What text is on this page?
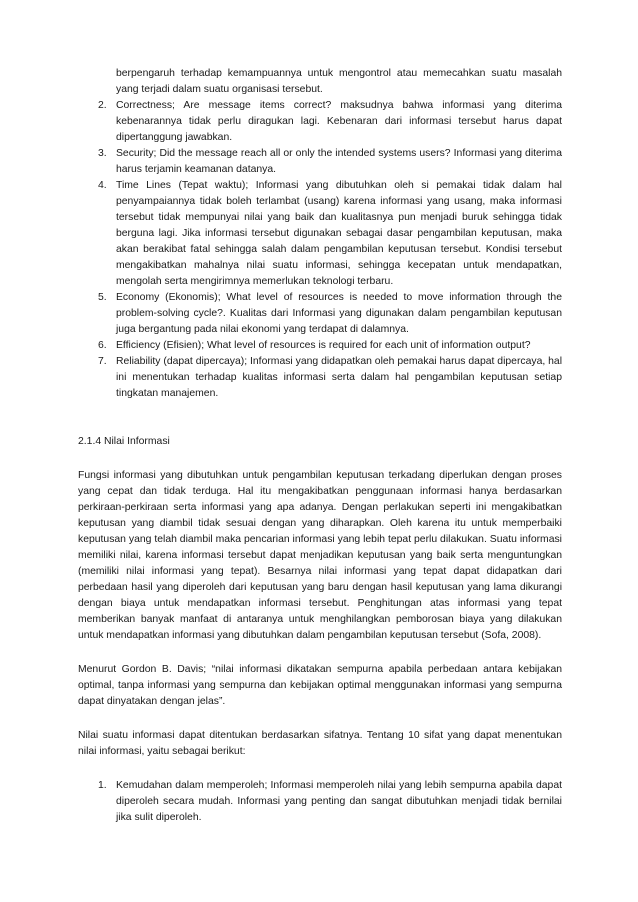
berpengaruh terhadap kemampuannya untuk mengontrol atau memecahkan suatu masalah yang terjadi dalam suatu organisasi tersebut.

2. Correctness; Are message items correct? maksudnya bahwa informasi yang diterima kebenarannya tidak perlu diragukan lagi. Kebenaran dari informasi tersebut harus dapat dipertanggung jawabkan.
3. Security; Did the message reach all or only the intended systems users? Informasi yang diterima harus terjamin keamanan datanya.
4. Time Lines (Tepat waktu); Informasi yang dibutuhkan oleh si pemakai tidak dalam hal penyampaiannya tidak boleh terlambat (usang) karena informasi yang usang, maka informasi tersebut tidak mempunyai nilai yang baik dan kualitasnya pun menjadi buruk sehingga tidak berguna lagi. Jika informasi tersebut digunakan sebagai dasar pengambilan keputusan, maka akan berakibat fatal sehingga salah dalam pengambilan keputusan tersebut. Kondisi tersebut mengakibatkan mahalnya nilai suatu informasi, sehingga kecepatan untuk mendapatkan, mengolah serta mengirimnya memerlukan teknologi terbaru.
5. Economy (Ekonomis); What level of resources is needed to move information through the problem-solving cycle?. Kualitas dari Informasi yang digunakan dalam pengambilan keputusan juga bergantung pada nilai ekonomi yang terdapat di dalamnya.
6. Efficiency (Efisien); What level of resources is required for each unit of information output?
7. Reliability (dapat dipercaya); Informasi yang didapatkan oleh pemakai harus dapat dipercaya, hal ini menentukan terhadap kualitas informasi serta dalam hal pengambilan keputusan setiap tingkatan manajemen.

2.1.4 Nilai Informasi

Fungsi informasi yang dibutuhkan untuk pengambilan keputusan terkadang diperlukan dengan proses yang cepat dan tidak terduga. Hal itu mengakibatkan penggunaan informasi hanya berdasarkan perkiraan-perkiraan serta informasi yang apa adanya. Dengan perlakukan seperti ini mengakibatkan keputusan yang diambil tidak sesuai dengan yang diharapkan. Oleh karena itu untuk memperbaiki keputusan yang telah diambil maka pencarian informasi yang lebih tepat perlu dilakukan. Suatu informasi memiliki nilai, karena informasi tersebut dapat menjadikan keputusan yang baik serta menguntungkan (memiliki nilai informasi yang tepat). Besarnya nilai informasi yang tepat dapat didapatkan dari perbedaan hasil yang diperoleh dari keputusan yang baru dengan hasil keputusan yang lama dikurangi dengan biaya untuk mendapatkan informasi tersebut. Penghitungan atas informasi yang tepat memberikan banyak manfaat di antaranya untuk menghilangkan pemborosan biaya yang dilakukan untuk mendapatkan informasi yang dibutuhkan dalam pengambilan keputusan tersebut (Sofa, 2008).

Menurut Gordon B. Davis; “nilai informasi dikatakan sempurna apabila perbedaan antara kebijakan optimal, tanpa informasi yang sempurna dan kebijakan optimal menggunakan informasi yang sempurna dapat dinyatakan dengan jelas”.

Nilai suatu informasi dapat ditentukan berdasarkan sifatnya. Tentang 10 sifat yang dapat menentukan nilai informasi, yaitu sebagai berikut:

1. Kemudahan dalam memperoleh; Informasi memperoleh nilai yang lebih sempurna apabila dapat diperoleh secara mudah. Informasi yang penting dan sangat dibutuhkan menjadi tidak bernilai jika sulit diperoleh.
